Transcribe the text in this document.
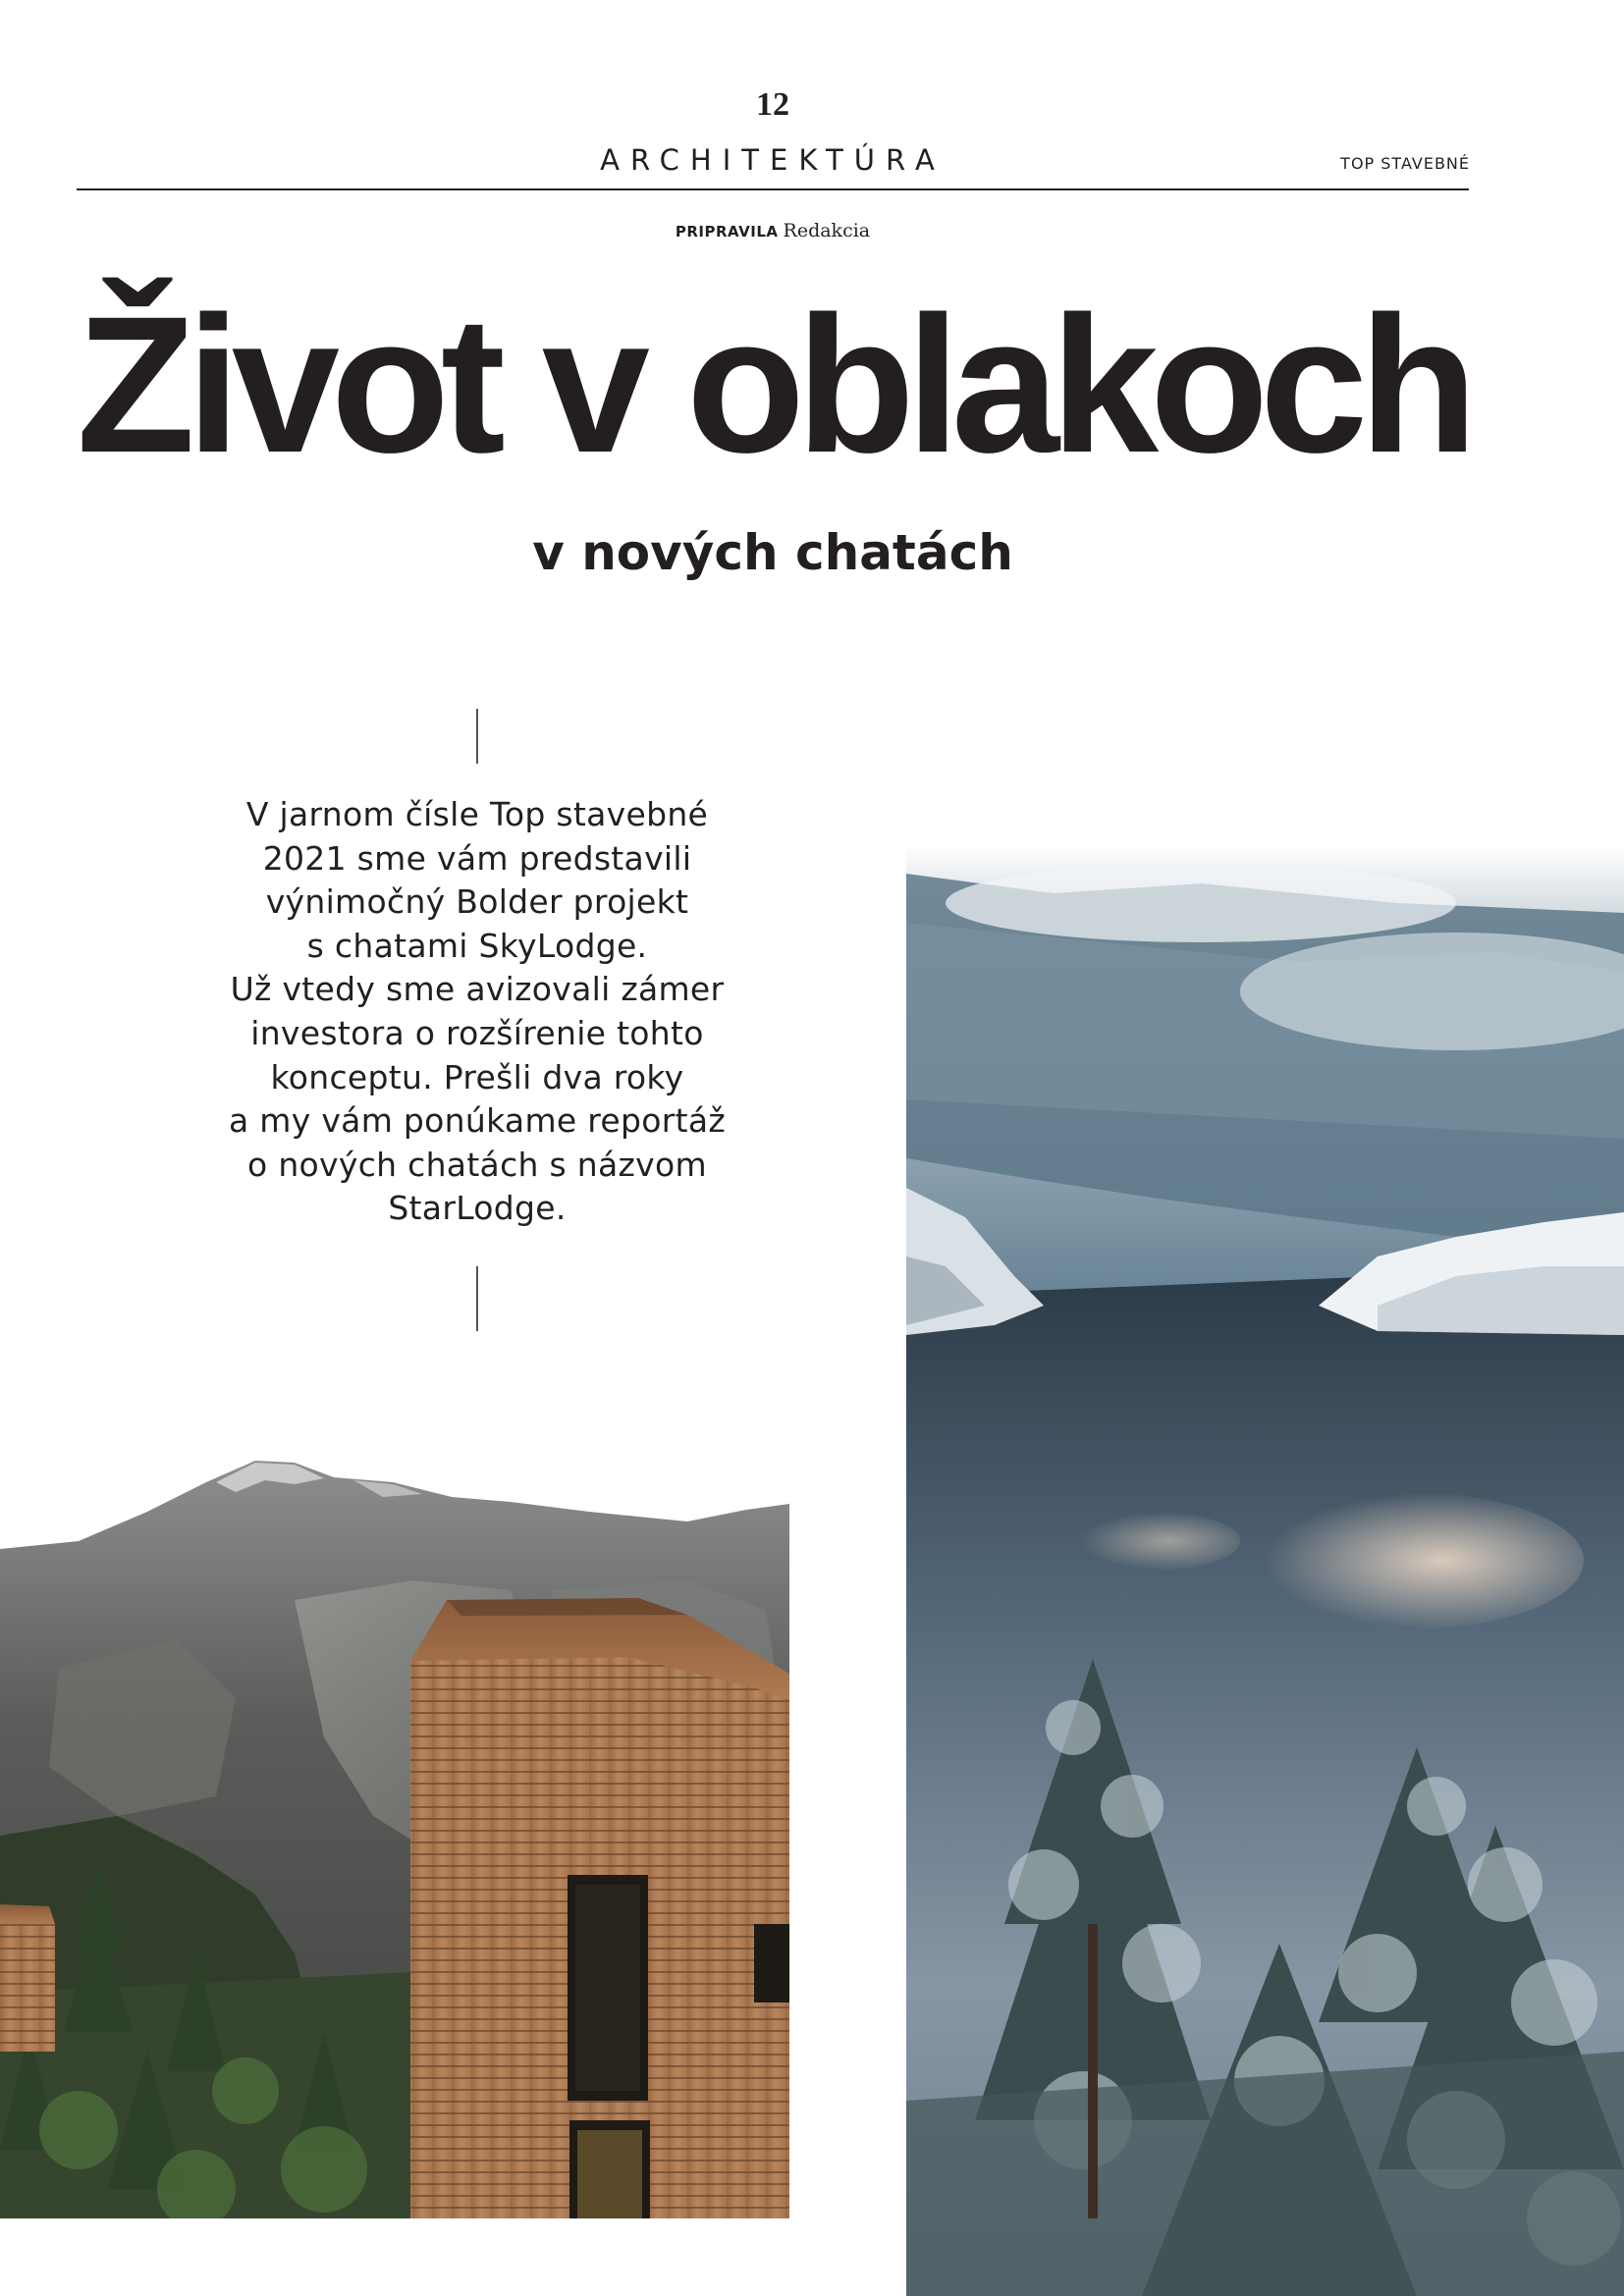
12
ARCHITEKTÚRA	TOP STAVEBNÉ
PRIPRAVILA Redakcia
Život v oblakoch
v nových chatách
V jarnom čísle Top stavebné
2021 sme vám predstavili
výnimočný Bolder projekt
s chatami SkyLodge.
Už vtedy sme avizovali zámer
investora o rozšírenie tohto
konceptu. Prešli dva roky
a my vám ponúkame reportáž
o nových chatách s názvom
StarLodge.
